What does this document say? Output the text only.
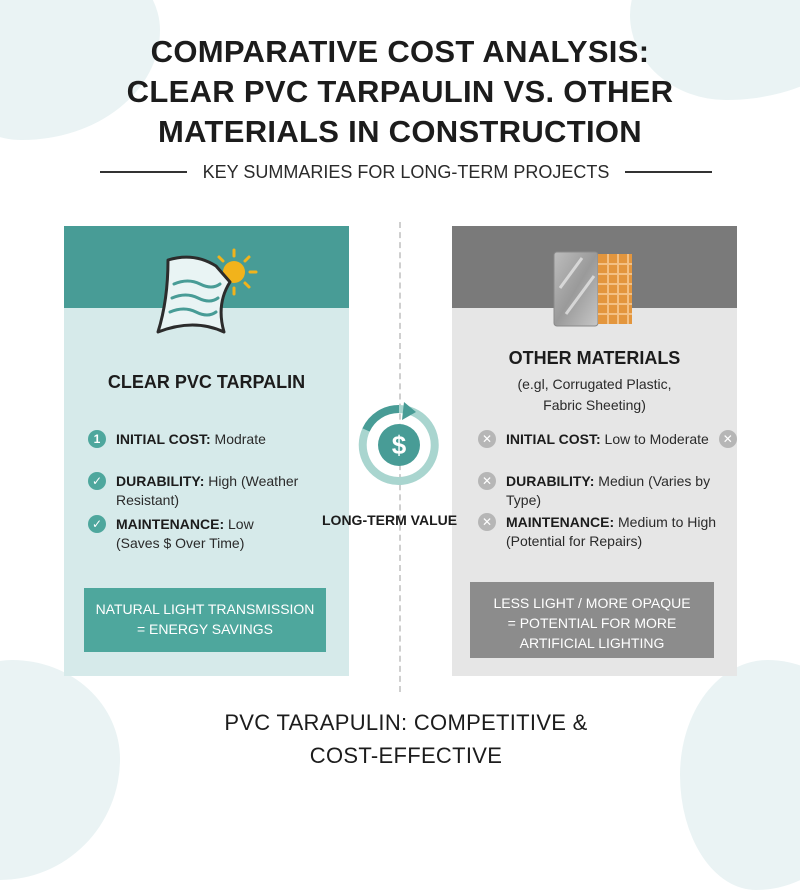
COMPARATIVE COST ANALYSIS:
CLEAR PVC TARPAULIN VS. OTHER
MATERIALS IN CONSTRUCTION
KEY SUMMARIES FOR LONG-TERM PROJECTS
CLEAR PVC TARPALIN
1	INITIAL COST: Modrate
✓ DURABILITY: High (Weather Resistant)
✓ MAINTENANCE: Low
(Saves $ Over Time)
NATURAL LIGHT TRANSMISSION
= ENERGY SAVINGS
OTHER MATERIALS
(e.gl, Corrugated Plastic,
Fabric Sheeting)
✕ INITIAL COST: Low to Moderate	✕
✕ DURABILITY: Mediun (Varies by Type)
✕ MAINTENANCE: Medium to High
(Potential for Repairs)
LESS LIGHT / MORE OPAQUE
= POTENTIAL FOR MORE
ARTIFICIAL LIGHTING
$
LONG-TERM VALUE
PVC TARAPULIN: COMPETITIVE &
COST-EFFECTIVE
